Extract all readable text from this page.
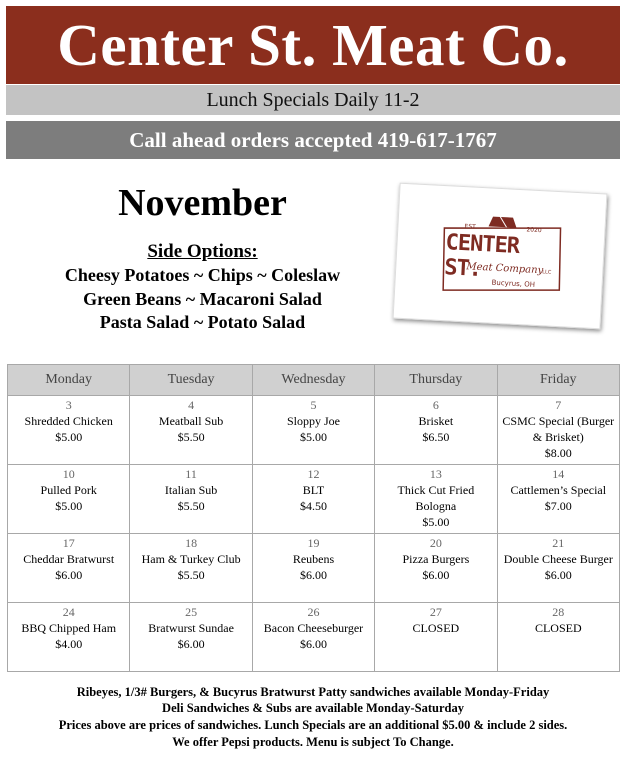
Center St. Meat Co.
Lunch Specials Daily 11-2
Call ahead orders accepted 419-617-1767
November
Side Options:
Cheesy Potatoes ~ Chips ~ Coleslaw
Green Beans ~ Macaroni Salad
Pasta Salad ~ Potato Salad
EST.	2020
CENTER ST.
Meat Company
LLC
Bucyrus, OH
Monday	Tuesday	Wednesday	Thursday	Friday

3
Shredded Chicken
$5.00	4
Meatball Sub
$5.50	5
Sloppy Joe
$5.00	6
Brisket
$6.50	7
CSMC Special (Burger & Brisket)
$8.00

10
Pulled Pork
$5.00	11
Italian Sub
$5.50	12
BLT
$4.50	13
Thick Cut Fried Bologna
$5.00	14
Cattlemen’s Special
$7.00

17
Cheddar Bratwurst
$6.00	18
Ham & Turkey Club
$5.50	19
Reubens
$6.00	20
Pizza Burgers
$6.00	21
Double Cheese Burger
$6.00

24
BBQ Chipped Ham
$4.00	25
Bratwurst Sundae
$6.00	26
Bacon Cheeseburger
$6.00	27
CLOSED	28
CLOSED
Ribeyes, 1/3# Burgers, & Bucyrus Bratwurst Patty sandwiches available Monday-Friday
Deli Sandwiches & Subs are available Monday-Saturday
Prices above are prices of sandwiches. Lunch Specials are an additional $5.00 & include 2 sides.
We offer Pepsi products. Menu is subject To Change.
